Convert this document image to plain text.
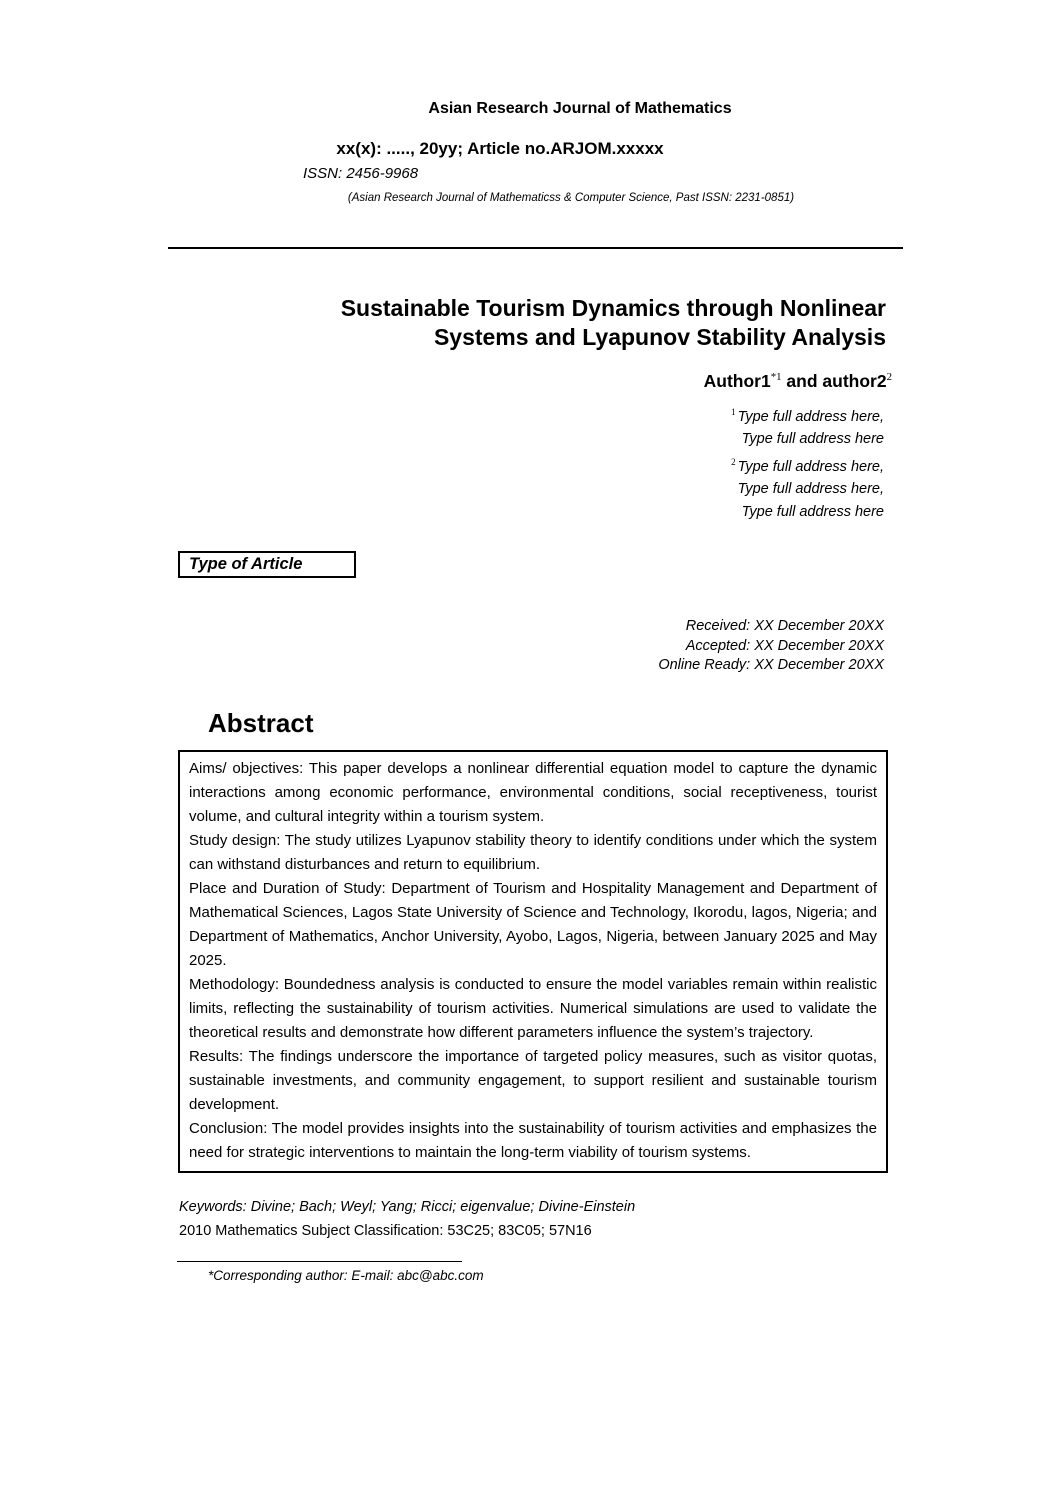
Asian Research Journal of Mathematics
xx(x): ....., 20yy; Article no.ARJOM.xxxxx
ISSN: 2456-9968
(Asian Research Journal of Mathematicss & Computer Science, Past ISSN: 2231-0851)
Sustainable Tourism Dynamics through Nonlinear
Systems and Lyapunov Stability Analysis
Author1$^{*1}$ and $author2^2$
$^1$ Type full address here,
Type full address here
$^2$ Type full address here,
Type full address here,
Type full address here
Type of Article
Received: XX December 20XX
Accepted: XX December 20XX
Online Ready: XX December 20XX
Abstract

Aims/ objectives: This paper develops a nonlinear differential equation model to capture the dynamic interactions among economic performance, environmental conditions, social receptiveness, tourist volume, and cultural integrity within a tourism system.

Study design: The study utilizes Lyapunov stability theory to identify conditions under which the system can withstand disturbances and return to equilibrium.

Place and Duration of Study: Department of Tourism and Hospitality Management and Department of Mathematical Sciences, Lagos State University of Science and Technology, Ikorodu, lagos, Nigeria; and Department of Mathematics, Anchor University, Ayobo, Lagos, Nigeria, between January 2025 and May 2025.

Methodology: Boundedness analysis is conducted to ensure the model variables remain within realistic limits, reflecting the sustainability of tourism activities. Numerical simulations are used to validate the theoretical results and demonstrate how different parameters influence the system’s trajectory.

Results: The findings underscore the importance of targeted policy measures, such as visitor quotas, sustainable investments, and community engagement, to support resilient and sustainable tourism development.

Conclusion: The model provides insights into the sustainability of tourism activities and emphasizes the need for strategic interventions to maintain the long-term viability of tourism systems.

Keywords: Divine; Bach; Weyl; Yang; Ricci; eigenvalue; Divine-Einstein
2010 Mathematics Subject Classification: 53C25; 83C05; 57N16
*Corresponding author: E-mail: abc@abc.com
